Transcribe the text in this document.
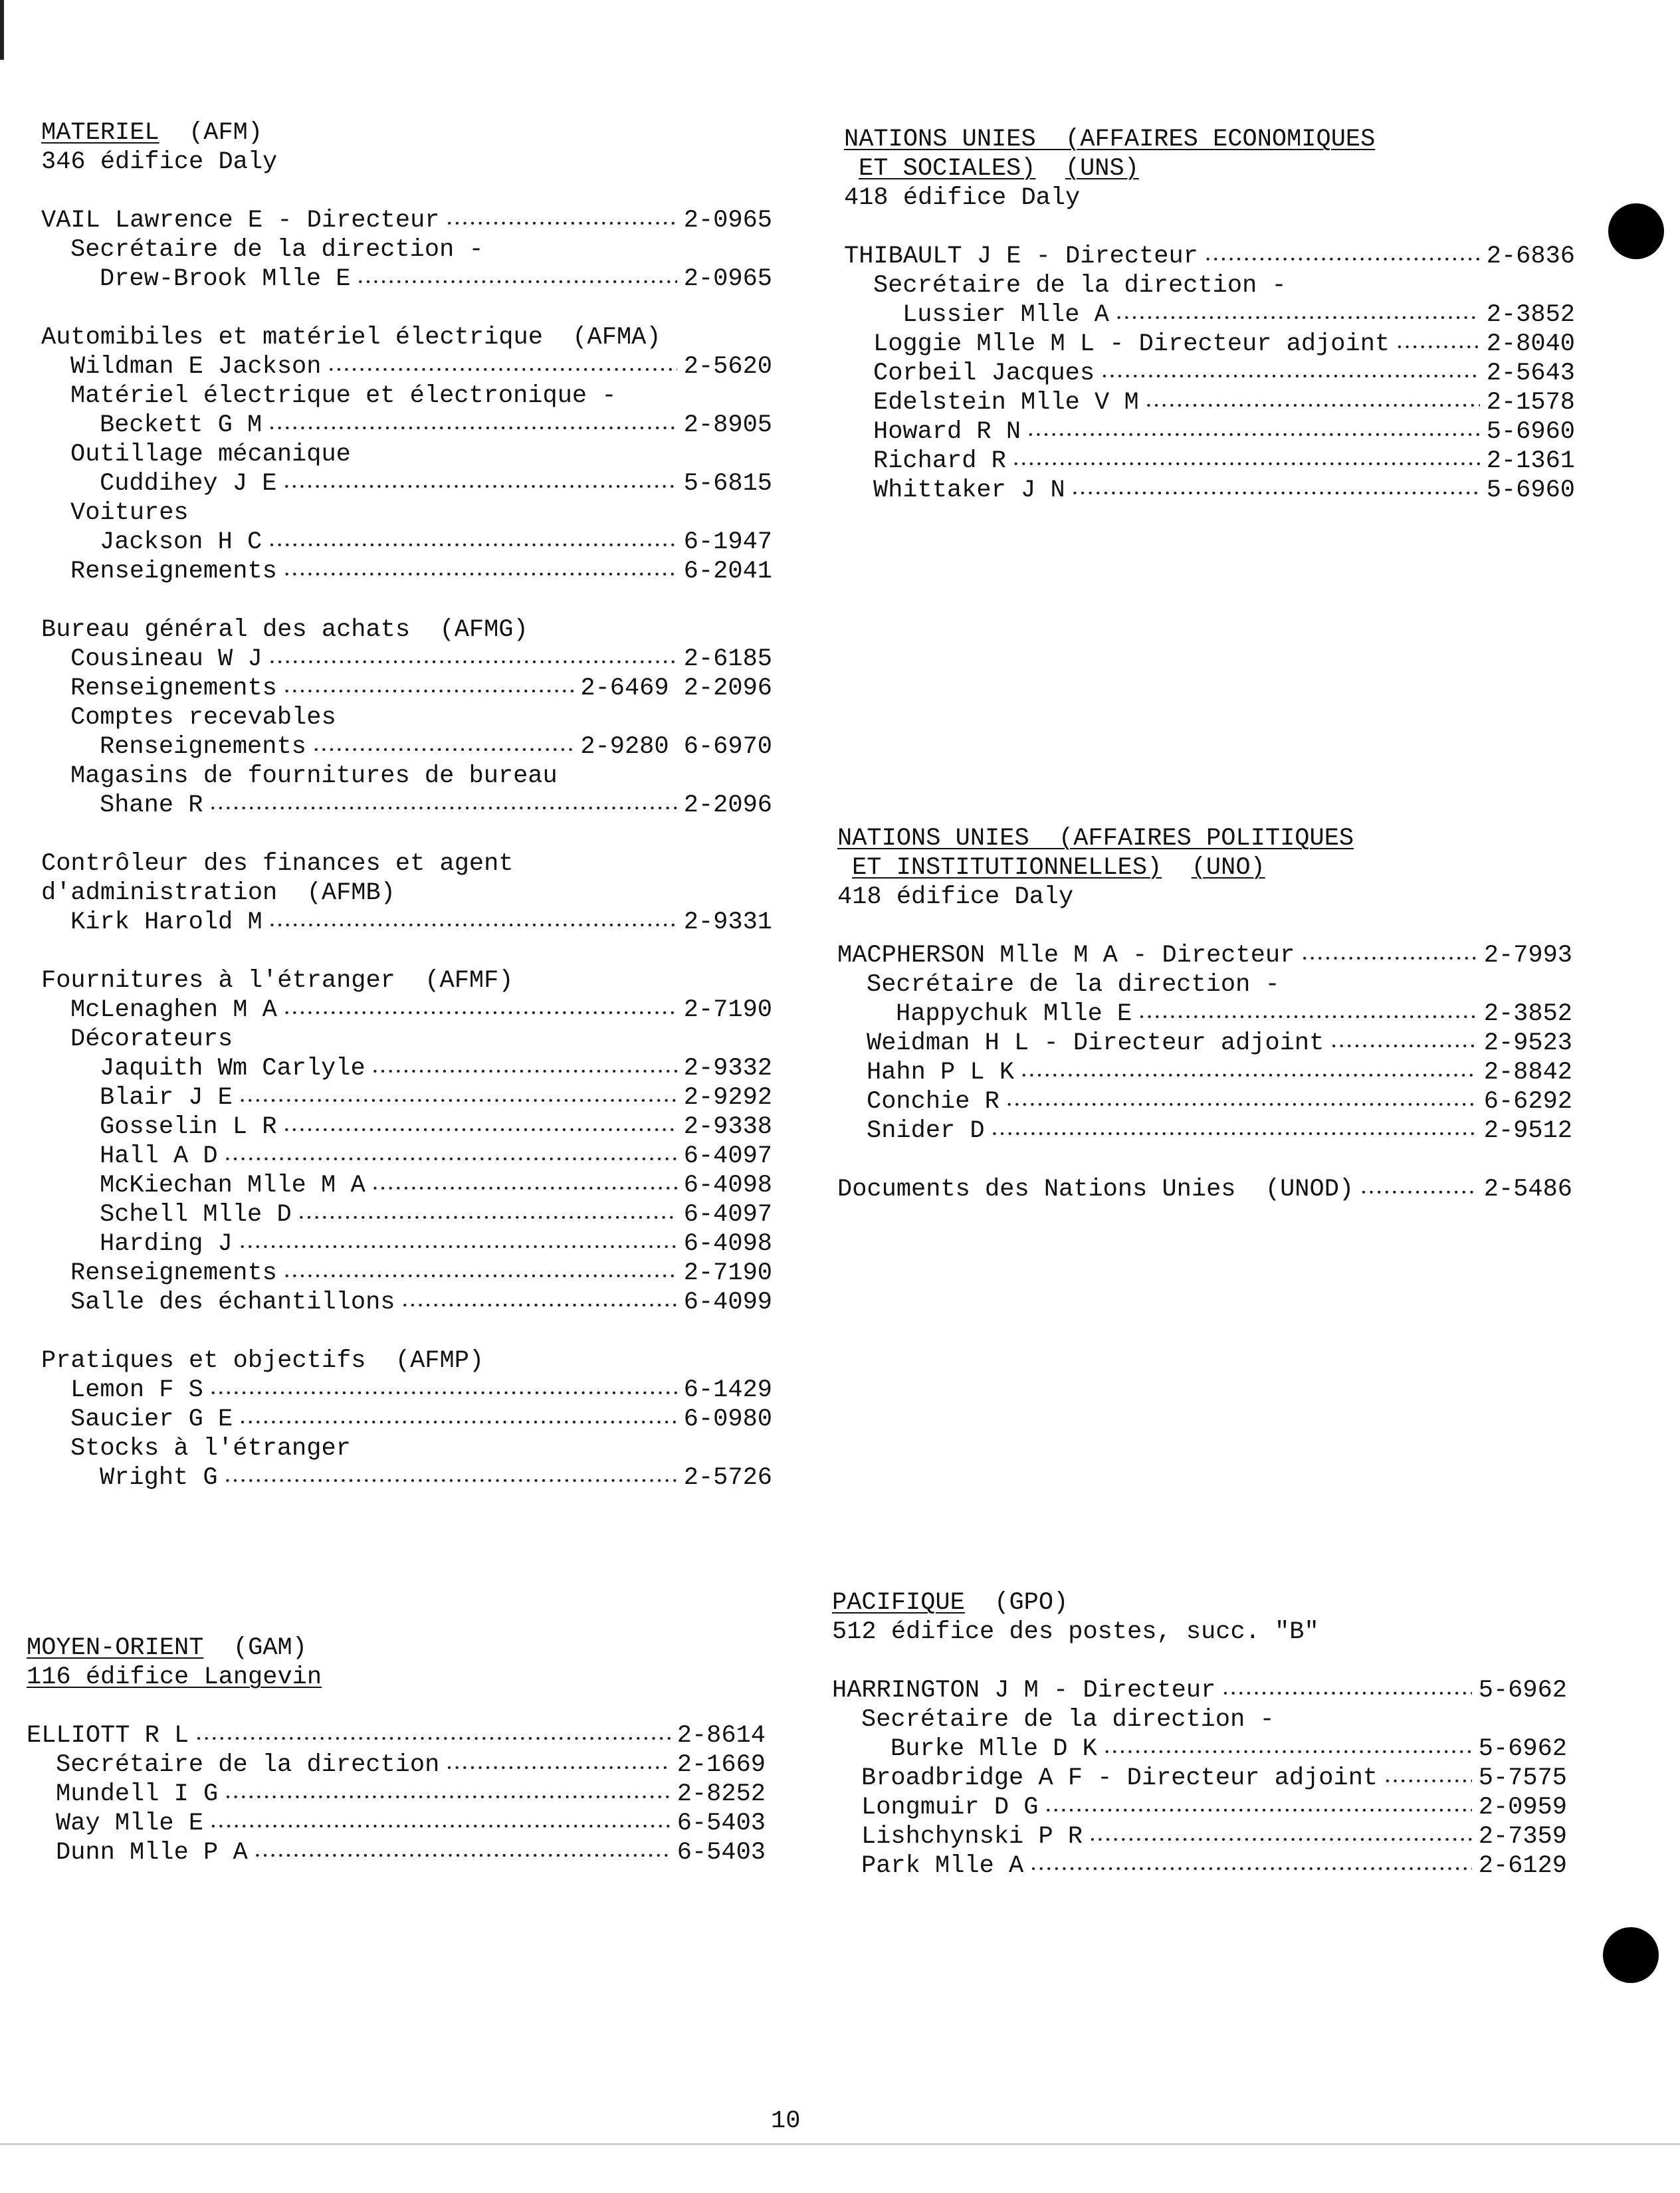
MATERIEL
(AFM)
346 édifice Daly
VAIL Lawrence E - Directeur •••••	2-0965
Secrétaire de la direction -
Drew-Brook Mlle E •••••	2-0965
Automibiles et matériel électrique  (AFMA)
Wildman E Jackson •••••	2-5620
Matériel électrique et électronique -
Beckett G M •••••	2-8905
Outillage mécanique
Cuddihey J E •••••	5-6815
Voitures
Jackson H C •••••	6-1947
Renseignements •••••	6-2041
Bureau général des achats  (AFMG)
Cousineau W J •••••	2-6185
Renseignements •••••	2-6469 2-2096
Comptes recevables
Renseignements •••••	2-9280 6-6970
Magasins de fournitures de bureau
Shane R •••••	2-2096
Contrôleur des finances et agent
d'administration  (AFMB)
Kirk Harold M •••••	2-9331
Fournitures à l'étranger  (AFMF)
McLenaghen M A •••••	2-7190
Décorateurs
Jaquith Wm Carlyle •••••	2-9332
Blair J E •••••	2-9292
Gosselin L R •••••	2-9338
Hall A D •••••	6-4097
McKiechan Mlle M A •••••	6-4098
Schell Mlle D •••••	6-4097
Harding J •••••	6-4098
Renseignements •••••	2-7190
Salle des échantillons •••••	6-4099
Pratiques et objectifs  (AFMP)
Lemon F S •••••	6-1429
Saucier G E •••••	6-0980
Stocks à l'étranger
Wright G •••••	2-5726
MOYEN-ORIENT
(GAM)
116 édifice Langevin
ELLIOTT R L •••••	2-8614
Secrétaire de la direction •••••	2-1669
Mundell I G •••••	2-8252
Way Mlle E •••••	6-5403
Dunn Mlle P A •••••	6-5403
NATIONS UNIES  (AFFAIRES ECONOMIQUES
ET SOCIALES)
(UNS)
418 édifice Daly
THIBAULT J E - Directeur •••••	2-6836
Secrétaire de la direction -
Lussier Mlle A •••••	2-3852
Loggie Mlle M L - Directeur adjoint •••••	2-8040
Corbeil Jacques •••••	2-5643
Edelstein Mlle V M •••••	2-1578
Howard R N •••••	5-6960
Richard R •••••	2-1361
Whittaker J N •••••	5-6960
NATIONS UNIES  (AFFAIRES POLITIQUES
ET INSTITUTIONNELLES)
(UNO)
418 édifice Daly
MACPHERSON Mlle M A - Directeur •••••	2-7993
Secrétaire de la direction -
Happychuk Mlle E •••••	2-3852
Weidman H L - Directeur adjoint •••••	2-9523
Hahn P L K •••••	2-8842
Conchie R •••••	6-6292
Snider D •••••	2-9512
Documents des Nations Unies  (UNOD) •••••	2-5486
PACIFIQUE
(GPO)
512 édifice des postes, succ. "B"
HARRINGTON J M - Directeur •••••	5-6962
Secrétaire de la direction -
Burke Mlle D K •••••	5-6962
Broadbridge A F - Directeur adjoint •••••	5-7575
Longmuir D G •••••	2-0959
Lishchynski P R •••••	2-7359
Park Mlle A •••••	2-6129
10
